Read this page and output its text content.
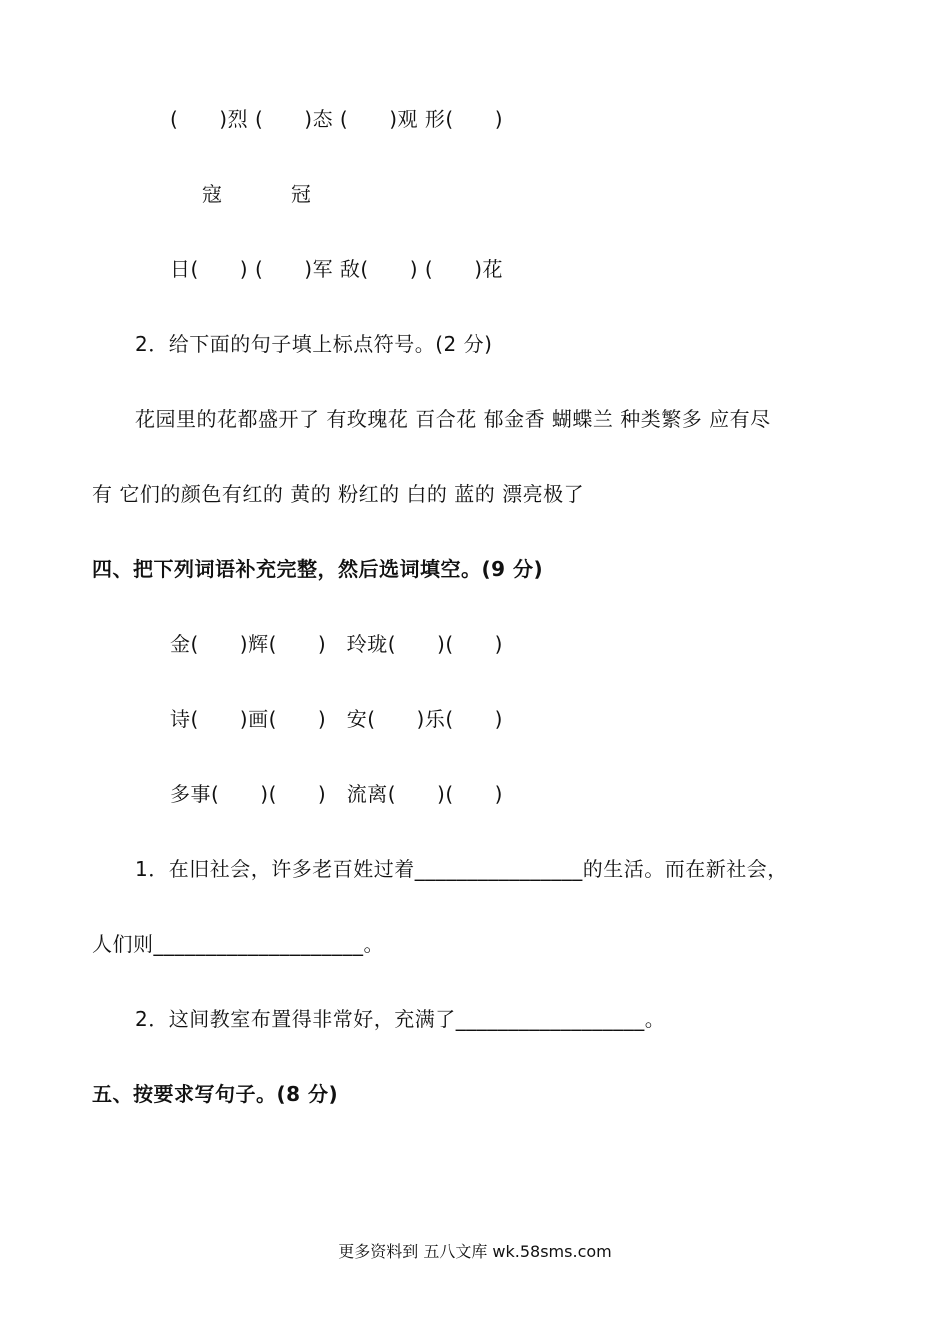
(　　)烈 (　　)态 (　　)观 形(　　)
寇　　　 冠
日(　　) (　　)军 敌(　　) (　　)花
2．给下面的句子填上标点符号。(2 分)
花园里的花都盛开了 有玫瑰花 百合花 郁金香 蝴蝶兰 种类繁多 应有尽
有 它们的颜色有红的 黄的 粉红的 白的 蓝的 漂亮极了
四、把下列词语补充完整，然后选词填空。(9 分)
金(　　)辉(　　)　玲珑(　　)(　　)
诗(　　)画(　　)　安(　　)乐(　　)
多事(　　)(　　)　流离(　　)(　　)
1．在旧社会，许多老百姓过着________________的生活。而在新社会，
人们则____________________。
2．这间教室布置得非常好，充满了__________________。
五、按要求写句子。(8 分)
更多资料到 五八文库 wk.58sms.com
